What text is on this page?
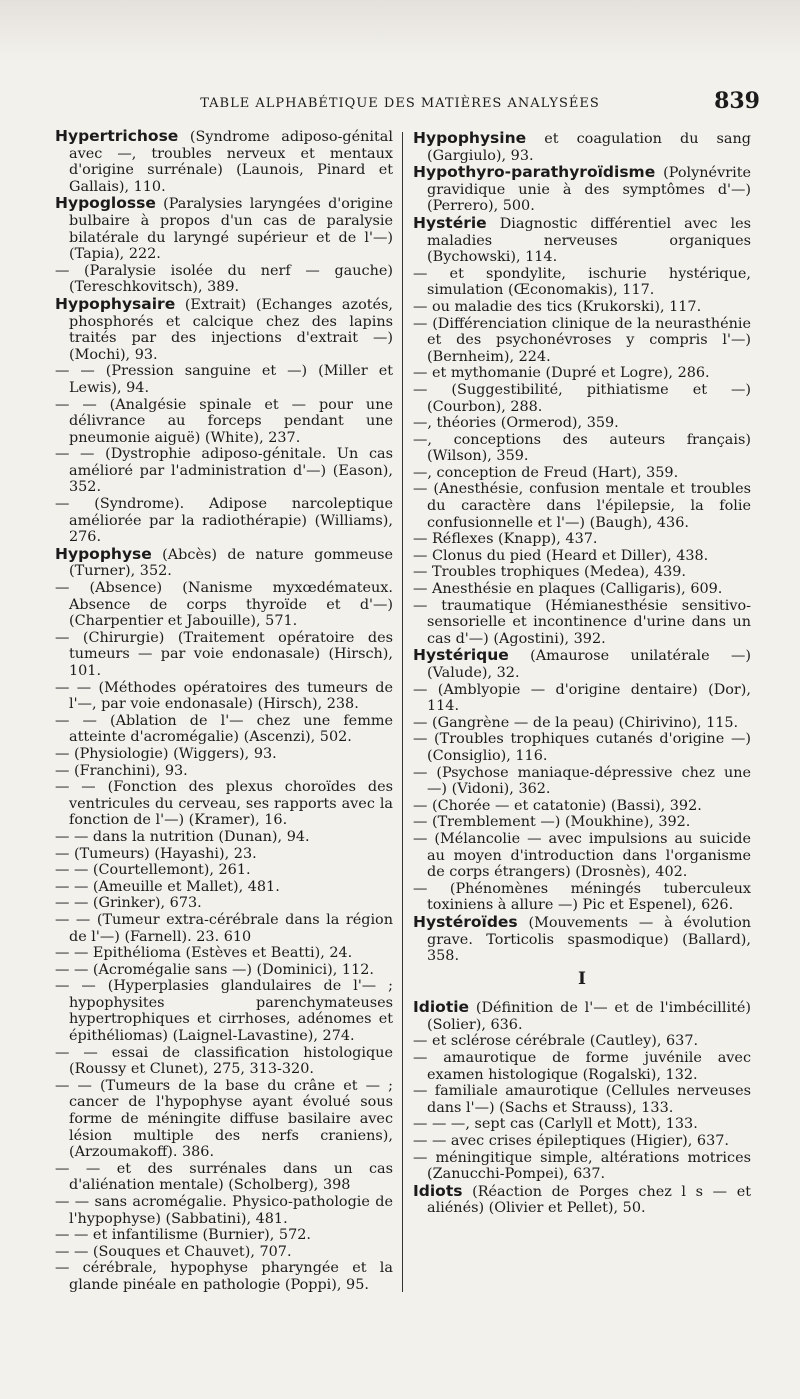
TABLE ALPHABÉTIQUE DES MATIÈRES ANALYSÉES	839

Hypertrichose (Syndrome adiposo-génital avec —, troubles nerveux et mentaux d'origine surrénale) (Launois, Pinard et Gallais), 110.

Hypoglosse (Paralysies laryngées d'origine bulbaire à propos d'un cas de paralysie bilatérale du laryngé supérieur et de l'—) (Tapia), 222.

— (Paralysie isolée du nerf — gauche) (Tereschkovitsch), 389.

Hypophysaire (Extrait) (Echanges azotés, phosphorés et calcique chez des lapins traités par des injections d'extrait —) (Mochi), 93.

— — (Pression sanguine et —) (Miller et Lewis), 94.

— — (Analgésie spinale et — pour une délivrance au forceps pendant une pneumonie aiguë) (White), 237.

— — (Dystrophie adiposo-génitale. Un cas amélioré par l'administration d'—) (Eason), 352.

— (Syndrome). Adipose narcoleptique améliorée par la radiothérapie) (Williams), 276.

Hypophyse (Abcès) de nature gommeuse (Turner), 352.

— (Absence) (Nanisme myxœdémateux. Absence de corps thyroïde et d'—) (Charpentier et Jabouille), 571.

— (Chirurgie) (Traitement opératoire des tumeurs — par voie endonasale) (Hirsch), 101.

— — (Méthodes opératoires des tumeurs de l'—, par voie endonasale) (Hirsch), 238.

— — (Ablation de l'— chez une femme atteinte d'acromégalie) (Ascenzi), 502.

— (Physiologie) (Wiggers), 93.

— (Franchini), 93.

— — (Fonction des plexus choroïdes des ventricules du cerveau, ses rapports avec la fonction de l'—) (Kramer), 16.

— — dans la nutrition (Dunan), 94.

— (Tumeurs) (Hayashi), 23.

— — (Courtellemont), 261.

— — (Ameuille et Mallet), 481.

— — (Grinker), 673.

— — (Tumeur extra-cérébrale dans la région de l'—) (Farnell). 23. 610

— — Epithélioma (Estèves et Beatti), 24.

— — (Acromégalie sans —) (Dominici), 112.

— — (Hyperplasies glandulaires de l'— ; hypophysites parenchymateuses hypertrophiques et cirrhoses, adénomes et épithéliomas) (Laignel-Lavastine), 274.

— — essai de classification histologique (Roussy et Clunet), 275, 313-320.

— — (Tumeurs de la base du crâne et — ; cancer de l'hypophyse ayant évolué sous forme de méningite diffuse basilaire avec lésion multiple des nerfs craniens), (Arzoumakoff). 386.

— — et des surrénales dans un cas d'aliénation mentale) (Scholberg), 398

— — sans acromégalie. Physico-pathologie de l'hypophyse) (Sabbatini), 481.

— — et infantilisme (Burnier), 572.

— — (Souques et Chauvet), 707.

— cérébrale, hypophyse pharyngée et la glande pinéale en pathologie (Poppi), 95.

Hypophysine et coagulation du sang (Gargiulo), 93.

Hypothyro-parathyroïdisme (Polynévrite gravidique unie à des symptômes d'—) (Perrero), 500.

Hystérie Diagnostic différentiel avec les maladies nerveuses organiques (Bychowski), 114.

— et spondylite, ischurie hystérique, simulation (Œconomakis), 117.

— ou maladie des tics (Krukorski), 117.

— (Différenciation clinique de la neurasthénie et des psychonévroses y compris l'—) (Bernheim), 224.

— et mythomanie (Dupré et Logre), 286.

— (Suggestibilité, pithiatisme et —) (Courbon), 288.

—, théories (Ormerod), 359.

—, conceptions des auteurs français) (Wilson), 359.

—, conception de Freud (Hart), 359.

— (Anesthésie, confusion mentale et troubles du caractère dans l'épilepsie, la folie confusionnelle et l'—) (Baugh), 436.

— Réflexes (Knapp), 437.

— Clonus du pied (Heard et Diller), 438.

— Troubles trophiques (Medea), 439.

— Anesthésie en plaques (Calligaris), 609.

— traumatique (Hémianesthésie sensitivo-sensorielle et incontinence d'urine dans un cas d'—) (Agostini), 392.

Hystérique (Amaurose unilatérale —) (Valude), 32.

— (Amblyopie — d'origine dentaire) (Dor), 114.

— (Gangrène — de la peau) (Chirivino), 115.

— (Troubles trophiques cutanés d'origine —) (Consiglio), 116.

— (Psychose maniaque-dépressive chez une —) (Vidoni), 362.

— (Chorée — et catatonie) (Bassi), 392.

— (Tremblement —) (Moukhine), 392.

— (Mélancolie — avec impulsions au suicide au moyen d'introduction dans l'organisme de corps étrangers) (Drosnès), 402.

— (Phénomènes méningés tuberculeux toxiniens à allure —) Pic et Espenel), 626.

Hystéroïdes (Mouvements — à évolution grave. Torticolis spasmodique) (Ballard), 358.

I

Idiotie (Définition de l'— et de l'imbécillité) (Solier), 636.

— et sclérose cérébrale (Cautley), 637.

— amaurotique de forme juvénile avec examen histologique (Rogalski), 132.

— familiale amaurotique (Cellules nerveuses dans l'—) (Sachs et Strauss), 133.

— — —, sept cas (Carlyll et Mott), 133.

— — avec crises épileptiques (Higier), 637.

— méningitique simple, altérations motrices (Zanucchi-Pompei), 637.

Idiots (Réaction de Porges chez l s — et aliénés) (Olivier et Pellet), 50.
